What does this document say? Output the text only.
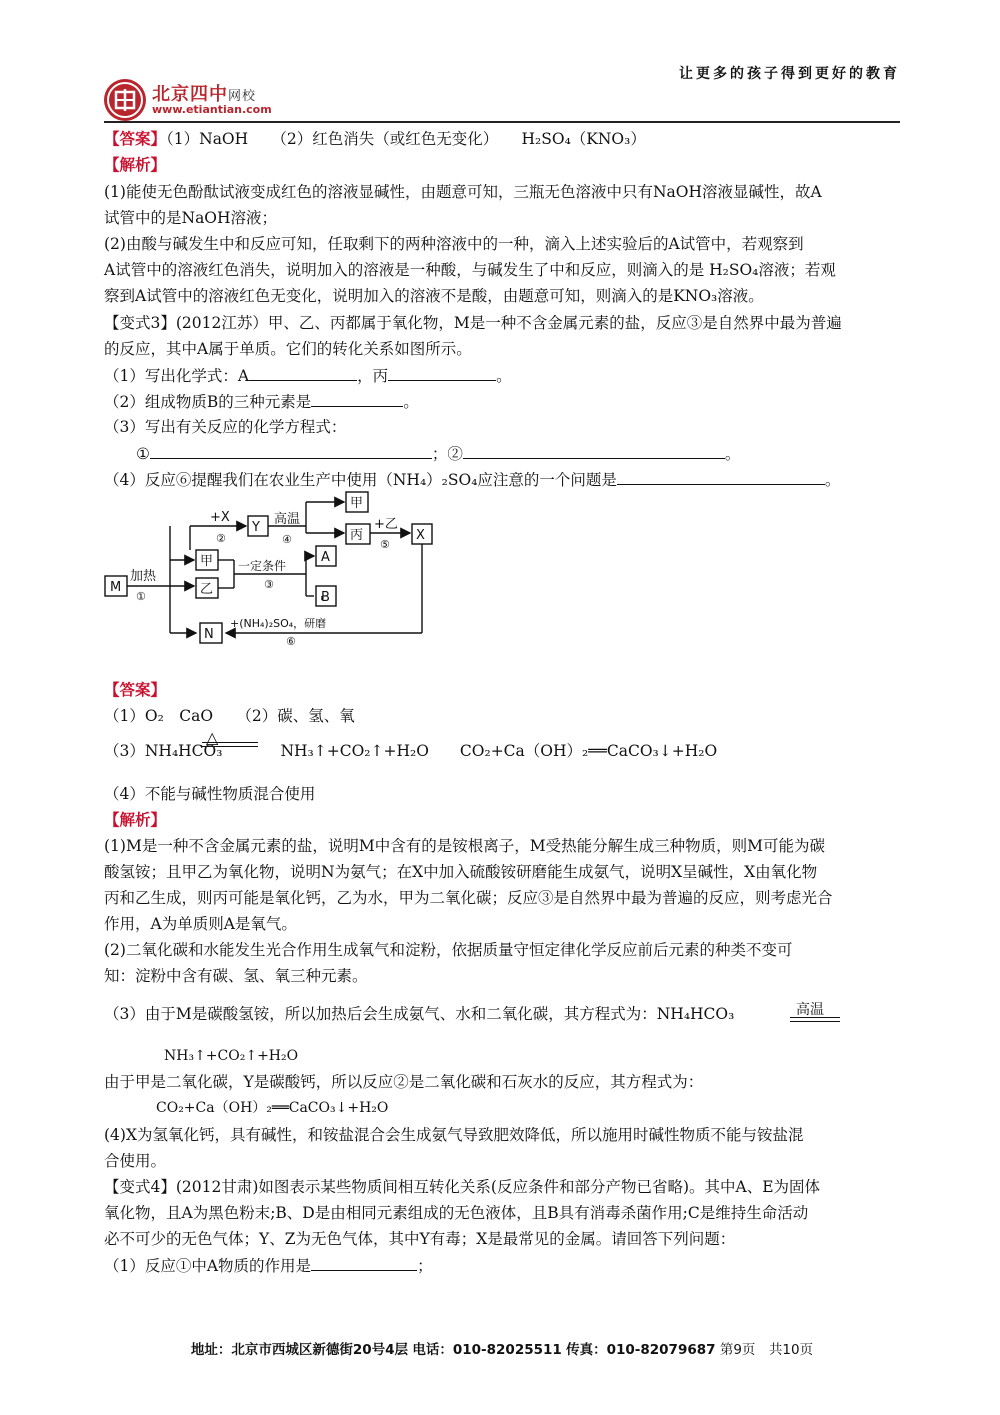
北京四中网校
www.etiantian.com
让更多的孩子得到更好的教育
【答案】（1）NaOH　　（2）红色消失（或红色无变化）　　H₂SO₄（KNO₃）
【解析】
(1)能使无色酚酞试液变成红色的溶液显碱性，由题意可知，三瓶无色溶液中只有NaOH溶液显碱性，故A
试管中的是NaOH溶液；
(2)由酸与碱发生中和反应可知，任取剩下的两种溶液中的一种，滴入上述实验后的A试管中，若观察到
A试管中的溶液红色消失，说明加入的溶液是一种酸，与碱发生了中和反应，则滴入的是 H₂SO₄溶液；若观
察到A试管中的溶液红色无变化，说明加入的溶液不是酸，由题意可知，则滴入的是KNO₃溶液。
【变式3】(2012江苏）甲、乙、丙都属于氧化物，M是一种不含金属元素的盐，反应③是自然界中最为普遍
的反应，其中A属于单质。它们的转化关系如图所示。
（1）写出化学式：A	，丙	。
（2）组成物质B的三种元素是	。
（3）写出有关反应的化学方程式：
①	；②	。
（4）反应⑥提醒我们在农业生产中使用（NH₄）₂SO₄应注意的一个问题是	。
M
加热
①
甲
乙
+X
②
Y
高温
④
甲
丙
+乙
⑤
X
一定条件
③
A
B
N
+(NH₄)₂SO₄，研磨
⑥
【答案】
（1）O₂　CaO　　（2）碳、氢、氧
△
（3）NH₄HCO₃	NH₃↑+CO₂↑+H₂O　　CO₂+Ca（OH）₂══CaCO₃↓+H₂O
（4）不能与碱性物质混合使用
【解析】
(1)M是一种不含金属元素的盐，说明M中含有的是铵根离子，M受热能分解生成三种物质，则M可能为碳
酸氢铵；且甲乙为氧化物，说明N为氨气；在X中加入硫酸铵研磨能生成氨气，说明X呈碱性，X由氧化物
丙和乙生成，则丙可能是氧化钙，乙为水，甲为二氧化碳；反应③是自然界中最为普遍的反应，则考虑光合
作用，A为单质则A是氧气。
(2)二氧化碳和水能发生光合作用生成氧气和淀粉，依据质量守恒定律化学反应前后元素的种类不变可
知：淀粉中含有碳、氢、氧三种元素。
（3）由于M是碳酸氢铵，所以加热后会生成氨气、水和二氧化碳，其方程式为：NH₄HCO₃	高温
NH₃↑+CO₂↑+H₂O
由于甲是二氧化碳，Y是碳酸钙，所以反应②是二氧化碳和石灰水的反应，其方程式为：
CO₂+Ca（OH）₂══CaCO₃↓+H₂O
(4)X为氢氧化钙，具有碱性，和铵盐混合会生成氨气导致肥效降低，所以施用时碱性物质不能与铵盐混
合使用。
【变式4】(2012甘肃)如图表示某些物质间相互转化关系(反应条件和部分产物已省略)。其中A、E为固体
氧化物，且A为黑色粉末;B、D是由相同元素组成的无色液体，且B具有消毒杀菌作用;C是维持生命活动
必不可少的无色气体；Y、Z为无色气体，其中Y有毒；X是最常见的金属。请回答下列问题：
（1）反应①中A物质的作用是	；
地址：北京市西城区新德街20号4层 电话：010-82025511 传真：010-82079687 第9页　共10页
